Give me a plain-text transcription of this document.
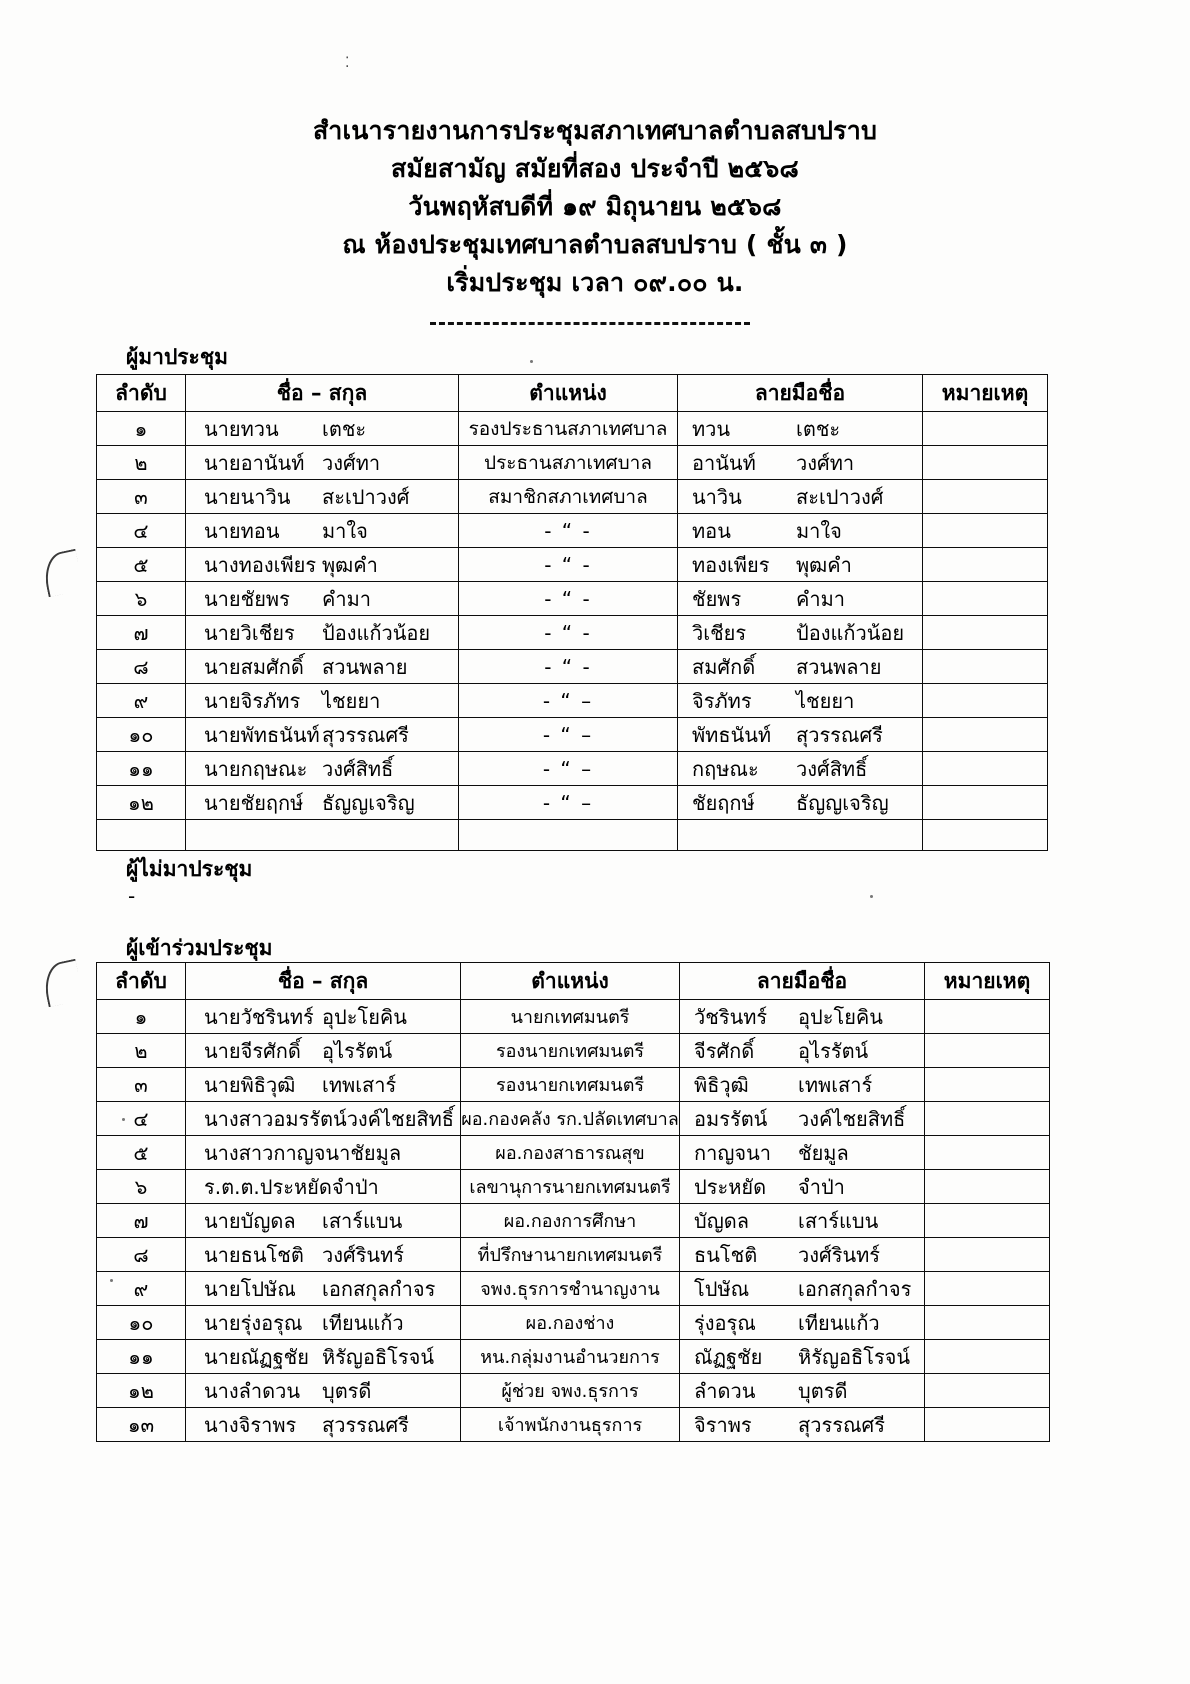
⁚
สำเนารายงานการประชุมสภาเทศบาลตำบลสบปราบ
สมัยสามัญ สมัยที่สอง ประจำปี ๒๕๖๘
วันพฤหัสบดีที่ ๑๙ มิถุนายน ๒๕๖๘
ณ ห้องประชุมเทศบาลตำบลสบปราบ ( ชั้น ๓ )
เริ่มประชุม เวลา ๐๙.๐๐ น.
ผู้มาประชุม
ลำดับ	ชื่อ – สกุล	ตำแหน่ง	ลายมือชื่อ	หมายเหตุ
๑	นายทวน เตชะ	รองประธานสภาเทศบาล	ทวน เตชะ	

๒	นายอานันท์ วงศ์ทา	ประธานสภาเทศบาล	อานันท์ วงศ์ทา	

๓	นายนาวิน สะเปาวงศ์	สมาชิกสภาเทศบาล	นาวิน สะเปาวงศ์	

๔	นายทอน มาใจ	- “ -	ทอน มาใจ	

๕	นางทองเพียร พุฒคำ	- “ -	ทองเพียร พุฒคำ	

๖	นายชัยพร คำมา	- “ -	ชัยพร คำมา	

๗	นายวิเชียร ป้องแก้วน้อย	- “ -	วิเชียร ป้องแก้วน้อย	

๘	นายสมศักดิ์ สวนพลาย	- “ -	สมศักดิ์ สวนพลาย	

๙	นายจิรภัทร ไชยยา	- “ –	จิรภัทร ไชยยา	

๑๐	นายพัทธนันท์ สุวรรณศรี	- “ –	พัทธนันท์ สุวรรณศรี	

๑๑	นายกฤษณะ วงศ์สิทธิ์	- “ –	กฤษณะ วงศ์สิทธิ์	

๑๒	นายชัยฤกษ์ ธัญญเจริญ	- “ –	ชัยฤกษ์ ธัญญเจริญ	

ผู้ไม่มาประชุม
-
ผู้เข้าร่วมประชุม
ลำดับ	ชื่อ – สกุล	ตำแหน่ง	ลายมือชื่อ	หมายเหตุ
๑	นายวัชรินทร์ อุปะโยคิน	นายกเทศมนตรี	วัชรินทร์ อุปะโยคิน	

๒	นายจีรศักดิ์ อุไรรัตน์	รองนายกเทศมนตรี	จีรศักดิ์ อุไรรัตน์	

๓	นายพิธิวุฒิ เทพเสาร์	รองนายกเทศมนตรี	พิธิวุฒิ เทพเสาร์	

๔	นางสาวอมรรัตน์ วงค์ไชยสิทธิ์	ผอ.กองคลัง รก.ปลัดเทศบาล	อมรรัตน์ วงค์ไชยสิทธิ์	

๕	นางสาวกาญจนา ชัยมูล	ผอ.กองสาธารณสุข	กาญจนา ชัยมูล	

๖	ร.ต.ต.ประหยัด จำป่า	เลขานุการนายกเทศมนตรี	ประหยัด จำป่า	

๗	นายบัญดล เสาร์แบน	ผอ.กองการศึกษา	บัญดล เสาร์แบน	

๘	นายธนโชติ วงศ์รินทร์	ที่ปรึกษานายกเทศมนตรี	ธนโชติ วงศ์รินทร์	

๙	นายโปษัณ เอกสกุลกำจร	จพง.ธุรการชำนาญงาน	โปษัณ เอกสกุลกำจร	

๑๐	นายรุ่งอรุณ เทียนแก้ว	ผอ.กองช่าง	รุ่งอรุณ เทียนแก้ว	

๑๑	นายณัฏฐชัย หิรัญอธิโรจน์	หน.กลุ่มงานอำนวยการ	ณัฏฐชัย หิรัญอธิโรจน์	

๑๒	นางลำดวน บุตรดี	ผู้ช่วย จพง.ธุรการ	ลำดวน บุตรดี	

๑๓	นางจิราพร สุวรรณศรี	เจ้าพนักงานธุรการ	จิราพร สุวรรณศรี	
